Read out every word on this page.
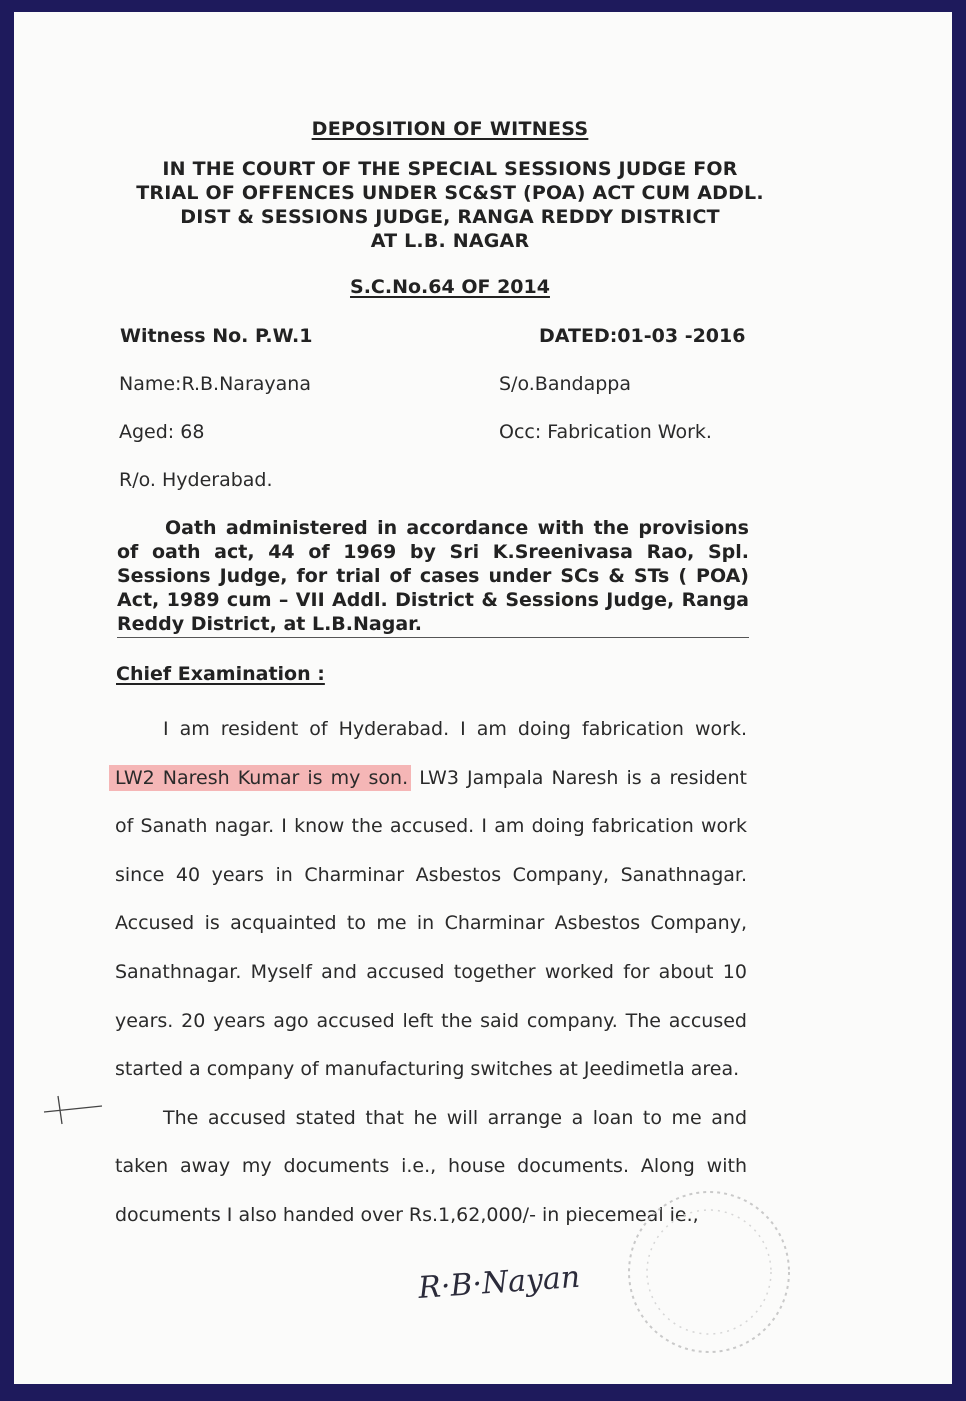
DEPOSITION OF WITNESS
IN THE COURT OF THE SPECIAL SESSIONS JUDGE FOR
TRIAL OF OFFENCES UNDER SC&ST (POA) ACT CUM ADDL.
DIST & SESSIONS JUDGE, RANGA REDDY DISTRICT
AT L.B. NAGAR
S.C.No.64 OF 2014
Witness No. P.W.1	DATED:01-03 -2016
Name:R.B.Narayana	S/o.Bandappa
Aged: 68	Occ: Fabrication Work.
R/o. Hyderabad.

Oath administered in accordance with the provisions of oath act, 44 of 1969 by Sri K.Sreenivasa Rao, Spl. Sessions Judge, for trial of cases under SCs & STs ( POA) Act, 1989 cum – VII Addl. District & Sessions Judge, Ranga Reddy District, at L.B.Nagar.

Chief Examination :

I am resident of Hyderabad. I am doing fabrication work. LW2 Naresh Kumar is my son. LW3 Jampala Naresh is a resident of Sanath nagar. I know the accused. I am doing fabrication work since 40 years in Charminar Asbestos Company, Sanathnagar. Accused is acquainted to me in Charminar Asbestos Company, Sanathnagar. Myself and accused together worked for about 10 years. 20 years ago accused left the said company. The accused started a company of manufacturing switches at Jeedimetla area.

The accused stated that he will arrange a loan to me and taken away my documents i.e., house documents. Along with documents I also handed over Rs.1,62,000/- in piecemeal ie.,

R·B·Nayan
